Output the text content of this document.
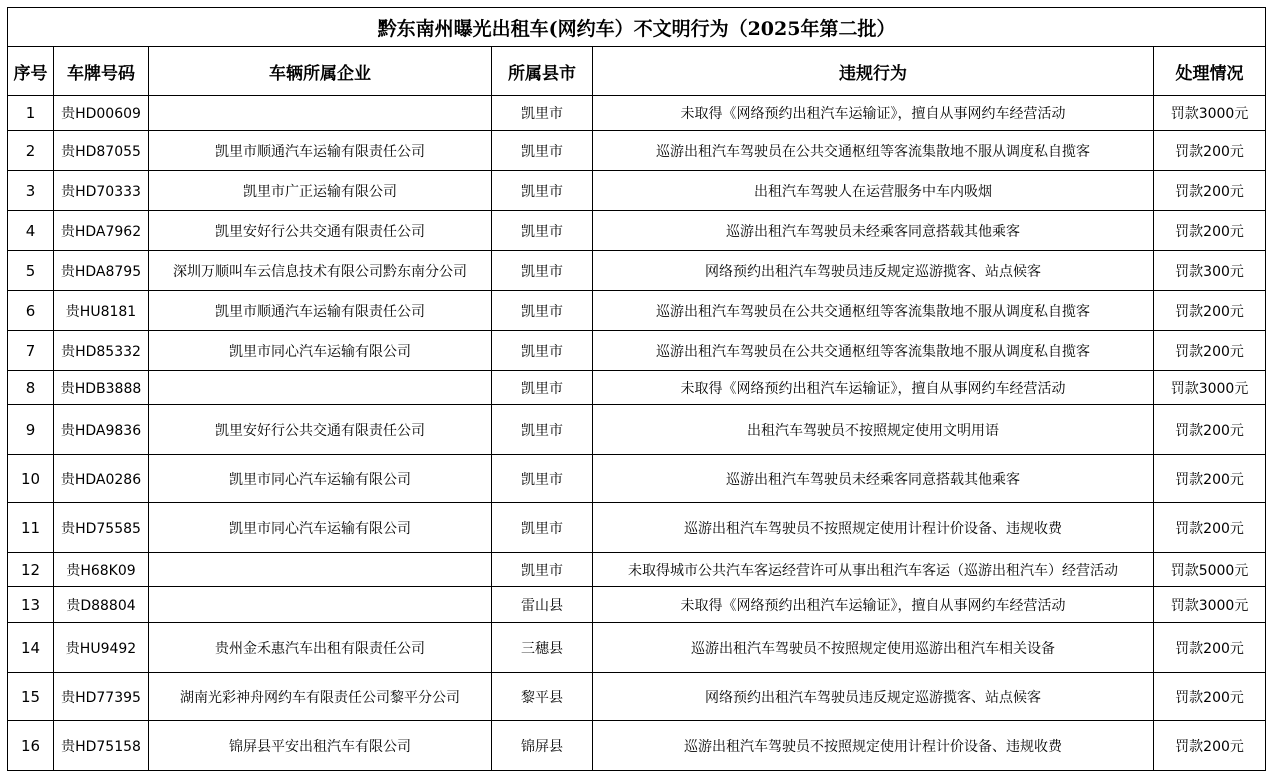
黔东南州曝光出租车(网约车）不文明行为（2025年第二批）					
序号	车牌号码	车辆所属企业	所属县市	违规行为	处理情况
1	贵HD00609		凯里市	未取得《网络预约出租汽车运输证》，擅自从事网约车经营活动	罚款3000元
2	贵HD87055	凯里市顺通汽车运输有限责任公司	凯里市	巡游出租汽车驾驶员在公共交通枢纽等客流集散地不服从调度私自揽客	罚款200元
3	贵HD70333	凯里市广正运输有限公司	凯里市	出租汽车驾驶人在运营服务中车内吸烟	罚款200元
4	贵HDA7962	凯里安好行公共交通有限责任公司	凯里市	巡游出租汽车驾驶员未经乘客同意搭载其他乘客	罚款200元
5	贵HDA8795	深圳万顺叫车云信息技术有限公司黔东南分公司	凯里市	网络预约出租汽车驾驶员违反规定巡游揽客、站点候客	罚款300元
6	贵HU8181	凯里市顺通汽车运输有限责任公司	凯里市	巡游出租汽车驾驶员在公共交通枢纽等客流集散地不服从调度私自揽客	罚款200元
7	贵HD85332	凯里市同心汽车运输有限公司	凯里市	巡游出租汽车驾驶员在公共交通枢纽等客流集散地不服从调度私自揽客	罚款200元
8	贵HDB3888		凯里市	未取得《网络预约出租汽车运输证》，擅自从事网约车经营活动	罚款3000元
9	贵HDA9836	凯里安好行公共交通有限责任公司	凯里市	出租汽车驾驶员不按照规定使用文明用语	罚款200元
10	贵HDA0286	凯里市同心汽车运输有限公司	凯里市	巡游出租汽车驾驶员未经乘客同意搭载其他乘客	罚款200元
11	贵HD75585	凯里市同心汽车运输有限公司	凯里市	巡游出租汽车驾驶员不按照规定使用计程计价设备、违规收费	罚款200元
12	贵H68K09		凯里市	未取得城市公共汽车客运经营许可从事出租汽车客运（巡游出租汽车）经营活动	罚款5000元
13	贵D88804		雷山县	未取得《网络预约出租汽车运输证》，擅自从事网约车经营活动	罚款3000元
14	贵HU9492	贵州金禾惠汽车出租有限责任公司	三穗县	巡游出租汽车驾驶员不按照规定使用巡游出租汽车相关设备	罚款200元
15	贵HD77395	湖南光彩神舟网约车有限责任公司黎平分公司	黎平县	网络预约出租汽车驾驶员违反规定巡游揽客、站点候客	罚款200元
16	贵HD75158	锦屏县平安出租汽车有限公司	锦屏县	巡游出租汽车驾驶员不按照规定使用计程计价设备、违规收费	罚款200元
